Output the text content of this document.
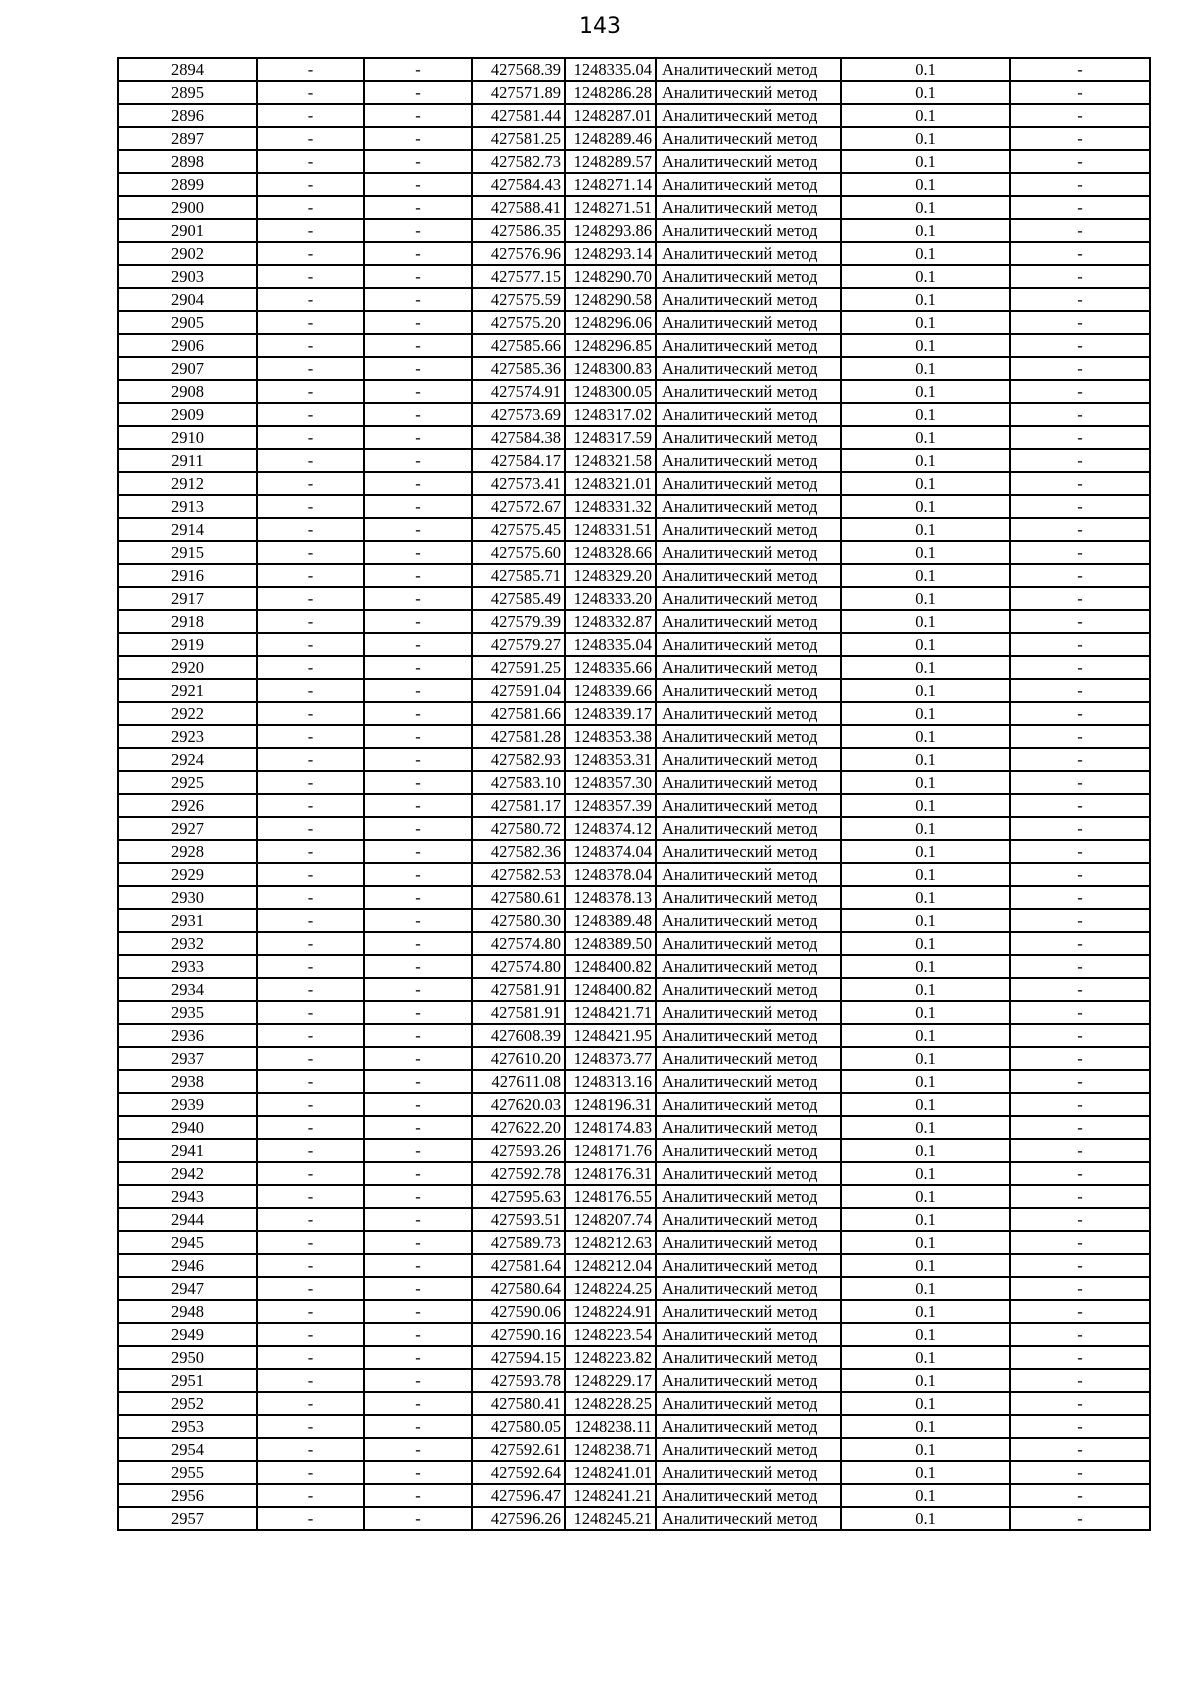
143
2894	-	-	427568.39	1248335.04	Аналитический метод	0.1	-
2895	-	-	427571.89	1248286.28	Аналитический метод	0.1	-
2896	-	-	427581.44	1248287.01	Аналитический метод	0.1	-
2897	-	-	427581.25	1248289.46	Аналитический метод	0.1	-
2898	-	-	427582.73	1248289.57	Аналитический метод	0.1	-
2899	-	-	427584.43	1248271.14	Аналитический метод	0.1	-
2900	-	-	427588.41	1248271.51	Аналитический метод	0.1	-
2901	-	-	427586.35	1248293.86	Аналитический метод	0.1	-
2902	-	-	427576.96	1248293.14	Аналитический метод	0.1	-
2903	-	-	427577.15	1248290.70	Аналитический метод	0.1	-
2904	-	-	427575.59	1248290.58	Аналитический метод	0.1	-
2905	-	-	427575.20	1248296.06	Аналитический метод	0.1	-
2906	-	-	427585.66	1248296.85	Аналитический метод	0.1	-
2907	-	-	427585.36	1248300.83	Аналитический метод	0.1	-
2908	-	-	427574.91	1248300.05	Аналитический метод	0.1	-
2909	-	-	427573.69	1248317.02	Аналитический метод	0.1	-
2910	-	-	427584.38	1248317.59	Аналитический метод	0.1	-
2911	-	-	427584.17	1248321.58	Аналитический метод	0.1	-
2912	-	-	427573.41	1248321.01	Аналитический метод	0.1	-
2913	-	-	427572.67	1248331.32	Аналитический метод	0.1	-
2914	-	-	427575.45	1248331.51	Аналитический метод	0.1	-
2915	-	-	427575.60	1248328.66	Аналитический метод	0.1	-
2916	-	-	427585.71	1248329.20	Аналитический метод	0.1	-
2917	-	-	427585.49	1248333.20	Аналитический метод	0.1	-
2918	-	-	427579.39	1248332.87	Аналитический метод	0.1	-
2919	-	-	427579.27	1248335.04	Аналитический метод	0.1	-
2920	-	-	427591.25	1248335.66	Аналитический метод	0.1	-
2921	-	-	427591.04	1248339.66	Аналитический метод	0.1	-
2922	-	-	427581.66	1248339.17	Аналитический метод	0.1	-
2923	-	-	427581.28	1248353.38	Аналитический метод	0.1	-
2924	-	-	427582.93	1248353.31	Аналитический метод	0.1	-
2925	-	-	427583.10	1248357.30	Аналитический метод	0.1	-
2926	-	-	427581.17	1248357.39	Аналитический метод	0.1	-
2927	-	-	427580.72	1248374.12	Аналитический метод	0.1	-
2928	-	-	427582.36	1248374.04	Аналитический метод	0.1	-
2929	-	-	427582.53	1248378.04	Аналитический метод	0.1	-
2930	-	-	427580.61	1248378.13	Аналитический метод	0.1	-
2931	-	-	427580.30	1248389.48	Аналитический метод	0.1	-
2932	-	-	427574.80	1248389.50	Аналитический метод	0.1	-
2933	-	-	427574.80	1248400.82	Аналитический метод	0.1	-
2934	-	-	427581.91	1248400.82	Аналитический метод	0.1	-
2935	-	-	427581.91	1248421.71	Аналитический метод	0.1	-
2936	-	-	427608.39	1248421.95	Аналитический метод	0.1	-
2937	-	-	427610.20	1248373.77	Аналитический метод	0.1	-
2938	-	-	427611.08	1248313.16	Аналитический метод	0.1	-
2939	-	-	427620.03	1248196.31	Аналитический метод	0.1	-
2940	-	-	427622.20	1248174.83	Аналитический метод	0.1	-
2941	-	-	427593.26	1248171.76	Аналитический метод	0.1	-
2942	-	-	427592.78	1248176.31	Аналитический метод	0.1	-
2943	-	-	427595.63	1248176.55	Аналитический метод	0.1	-
2944	-	-	427593.51	1248207.74	Аналитический метод	0.1	-
2945	-	-	427589.73	1248212.63	Аналитический метод	0.1	-
2946	-	-	427581.64	1248212.04	Аналитический метод	0.1	-
2947	-	-	427580.64	1248224.25	Аналитический метод	0.1	-
2948	-	-	427590.06	1248224.91	Аналитический метод	0.1	-
2949	-	-	427590.16	1248223.54	Аналитический метод	0.1	-
2950	-	-	427594.15	1248223.82	Аналитический метод	0.1	-
2951	-	-	427593.78	1248229.17	Аналитический метод	0.1	-
2952	-	-	427580.41	1248228.25	Аналитический метод	0.1	-
2953	-	-	427580.05	1248238.11	Аналитический метод	0.1	-
2954	-	-	427592.61	1248238.71	Аналитический метод	0.1	-
2955	-	-	427592.64	1248241.01	Аналитический метод	0.1	-
2956	-	-	427596.47	1248241.21	Аналитический метод	0.1	-
2957	-	-	427596.26	1248245.21	Аналитический метод	0.1	-
